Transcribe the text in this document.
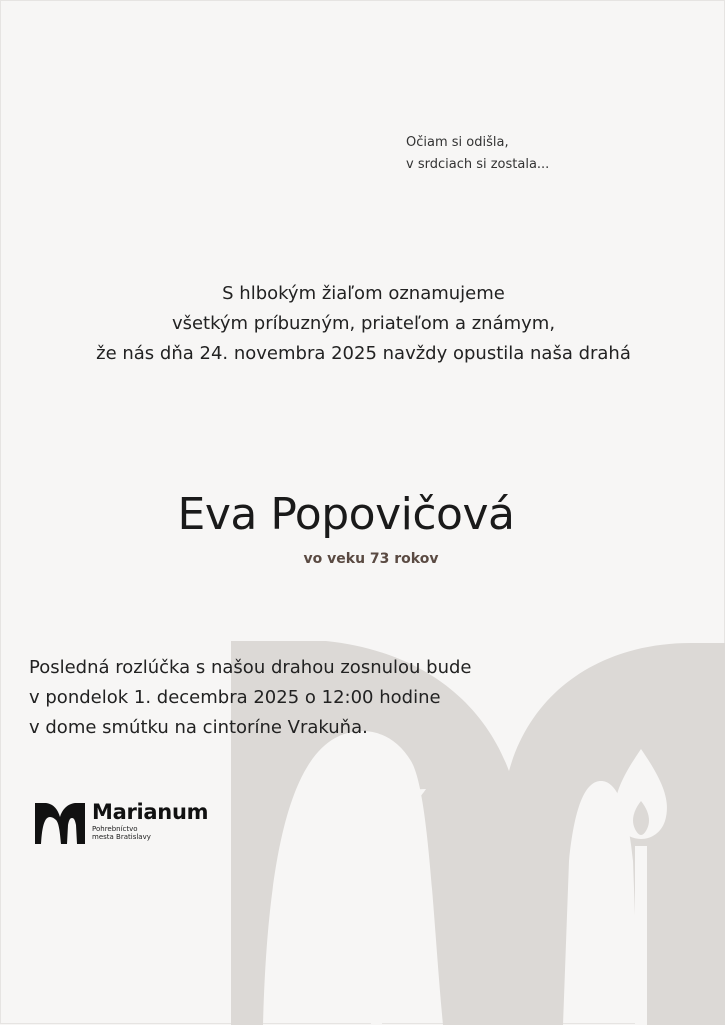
Očiam si odišla,
v srdciach si zostala...
S hlbokým žiaľom oznamujeme
všetkým príbuzným, priateľom a známym,
že nás dňa 24. novembra 2025 navždy opustila naša drahá
Eva Popovičová
vo veku 73 rokov
Posledná rozlúčka s našou drahou zosnulou bude
v pondelok 1. decembra 2025 o 12:00 hodine
v dome smútku na cintoríne Vrakuňa.
Marianum
Pohrebníctvo
mesta Bratislavy
